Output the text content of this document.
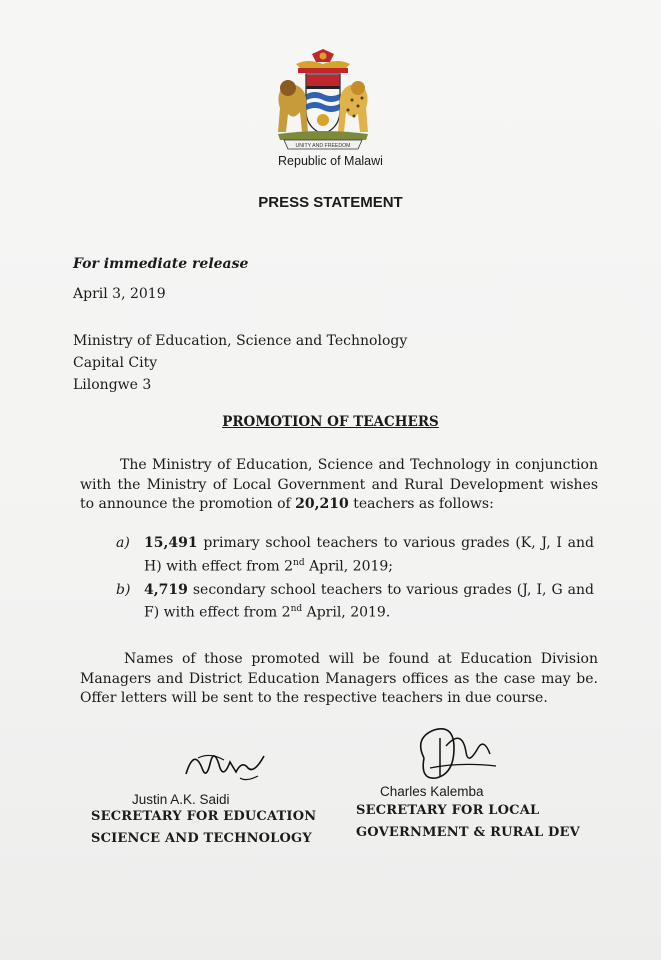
UNITY AND FREEDOM
Republic of Malawi
PRESS STATEMENT
For immediate release
April 3, 2019
Ministry of Education, Science and Technology
Capital City
Lilongwe 3
PROMOTION OF TEACHERS
The Ministry of Education, Science and Technology in conjunction with the Ministry of Local Government and Rural Development wishes to announce the promotion of 20,210 teachers as follows:
a)	15,491 primary school teachers to various grades (K, J, I and H) with effect from 2nd April, 2019;
b) 4,719 secondary school teachers to various grades (J, I, G and F) with effect from 2nd April, 2019.
Names of those promoted will be found at Education Division Managers and District Education Managers offices as the case may be. Offer letters will be sent to the respective teachers in due course.
Justin A.K. Saidi
Charles Kalemba
SECRETARY FOR EDUCATION
SCIENCE AND TECHNOLOGY
SECRETARY FOR LOCAL
GOVERNMENT & RURAL DEV
